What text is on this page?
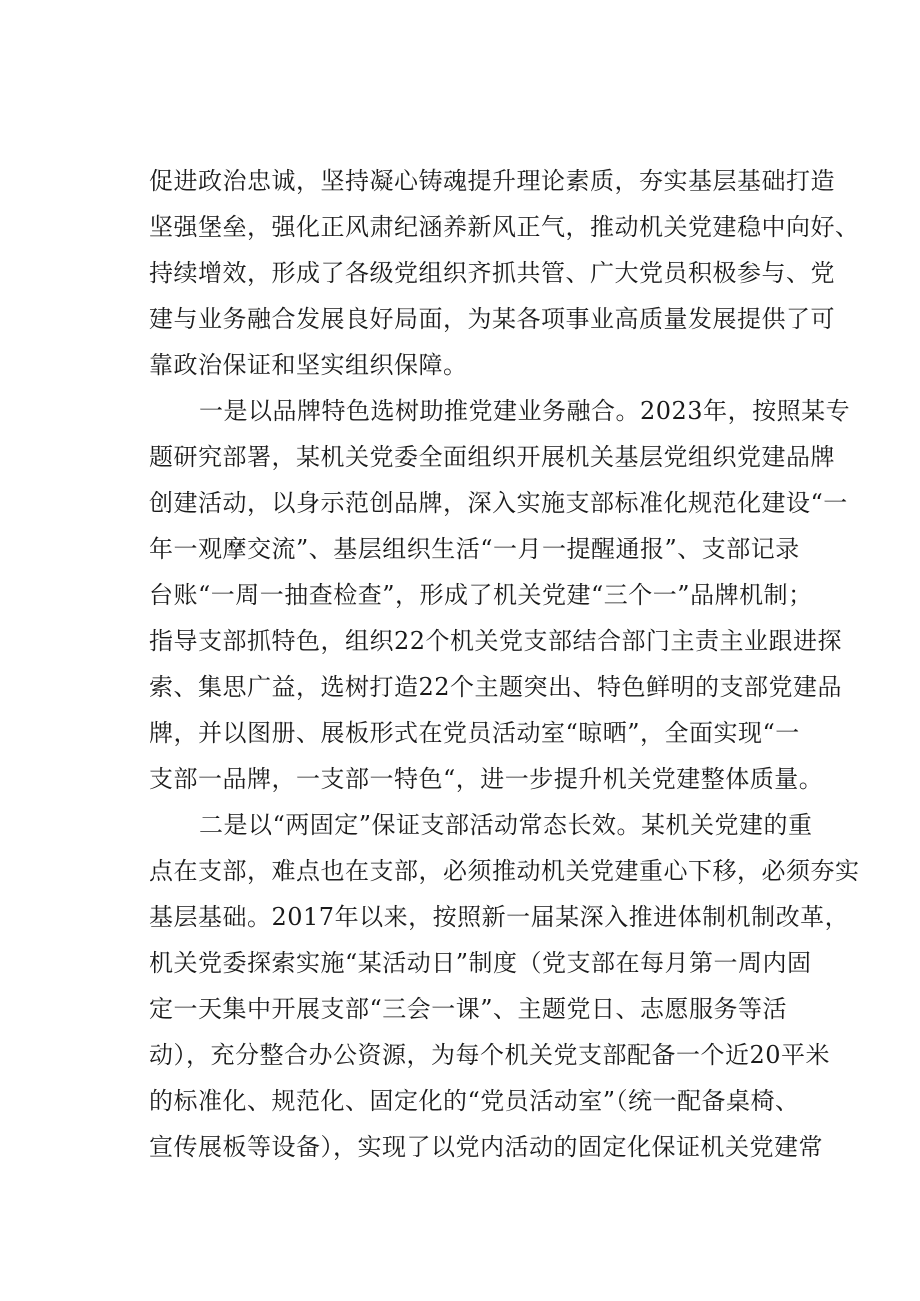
促进政治忠诚，坚持凝心铸魂提升理论素质，夯实基层基础打造
坚强堡垒，强化正风肃纪涵养新风正气，推动机关党建稳中向好、
持续增效，形成了各级党组织齐抓共管、广大党员积极参与、党
建与业务融合发展良好局面，为某各项事业高质量发展提供了可
靠政治保证和坚实组织保障。
一是以品牌特色选树助推党建业务融合。2023年，按照某专
题研究部署，某机关党委全面组织开展机关基层党组织党建品牌
创建活动，以身示范创品牌，深入实施支部标准化规范化建设“一
年一观摩交流”、基层组织生活“一月一提醒通报”、支部记录
台账“一周一抽查检查”，形成了机关党建“三个一”品牌机制；
指导支部抓特色，组织22个机关党支部结合部门主责主业跟进探
索、集思广益，选树打造22个主题突出、特色鲜明的支部党建品
牌，并以图册、展板形式在党员活动室“晾晒”，全面实现“一
支部一品牌，一支部一特色“，进一步提升机关党建整体质量。
二是以“两固定”保证支部活动常态长效。某机关党建的重
点在支部，难点也在支部，必须推动机关党建重心下移，必须夯实
基层基础。2017年以来，按照新一届某深入推进体制机制改革，
机关党委探索实施“某活动日”制度（党支部在每月第一周内固
定一天集中开展支部“三会一课”、主题党日、志愿服务等活
动），充分整合办公资源，为每个机关党支部配备一个近20平米
的标准化、规范化、固定化的“党员活动室”（统一配备桌椅、
宣传展板等设备），实现了以党内活动的固定化保证机关党建常
